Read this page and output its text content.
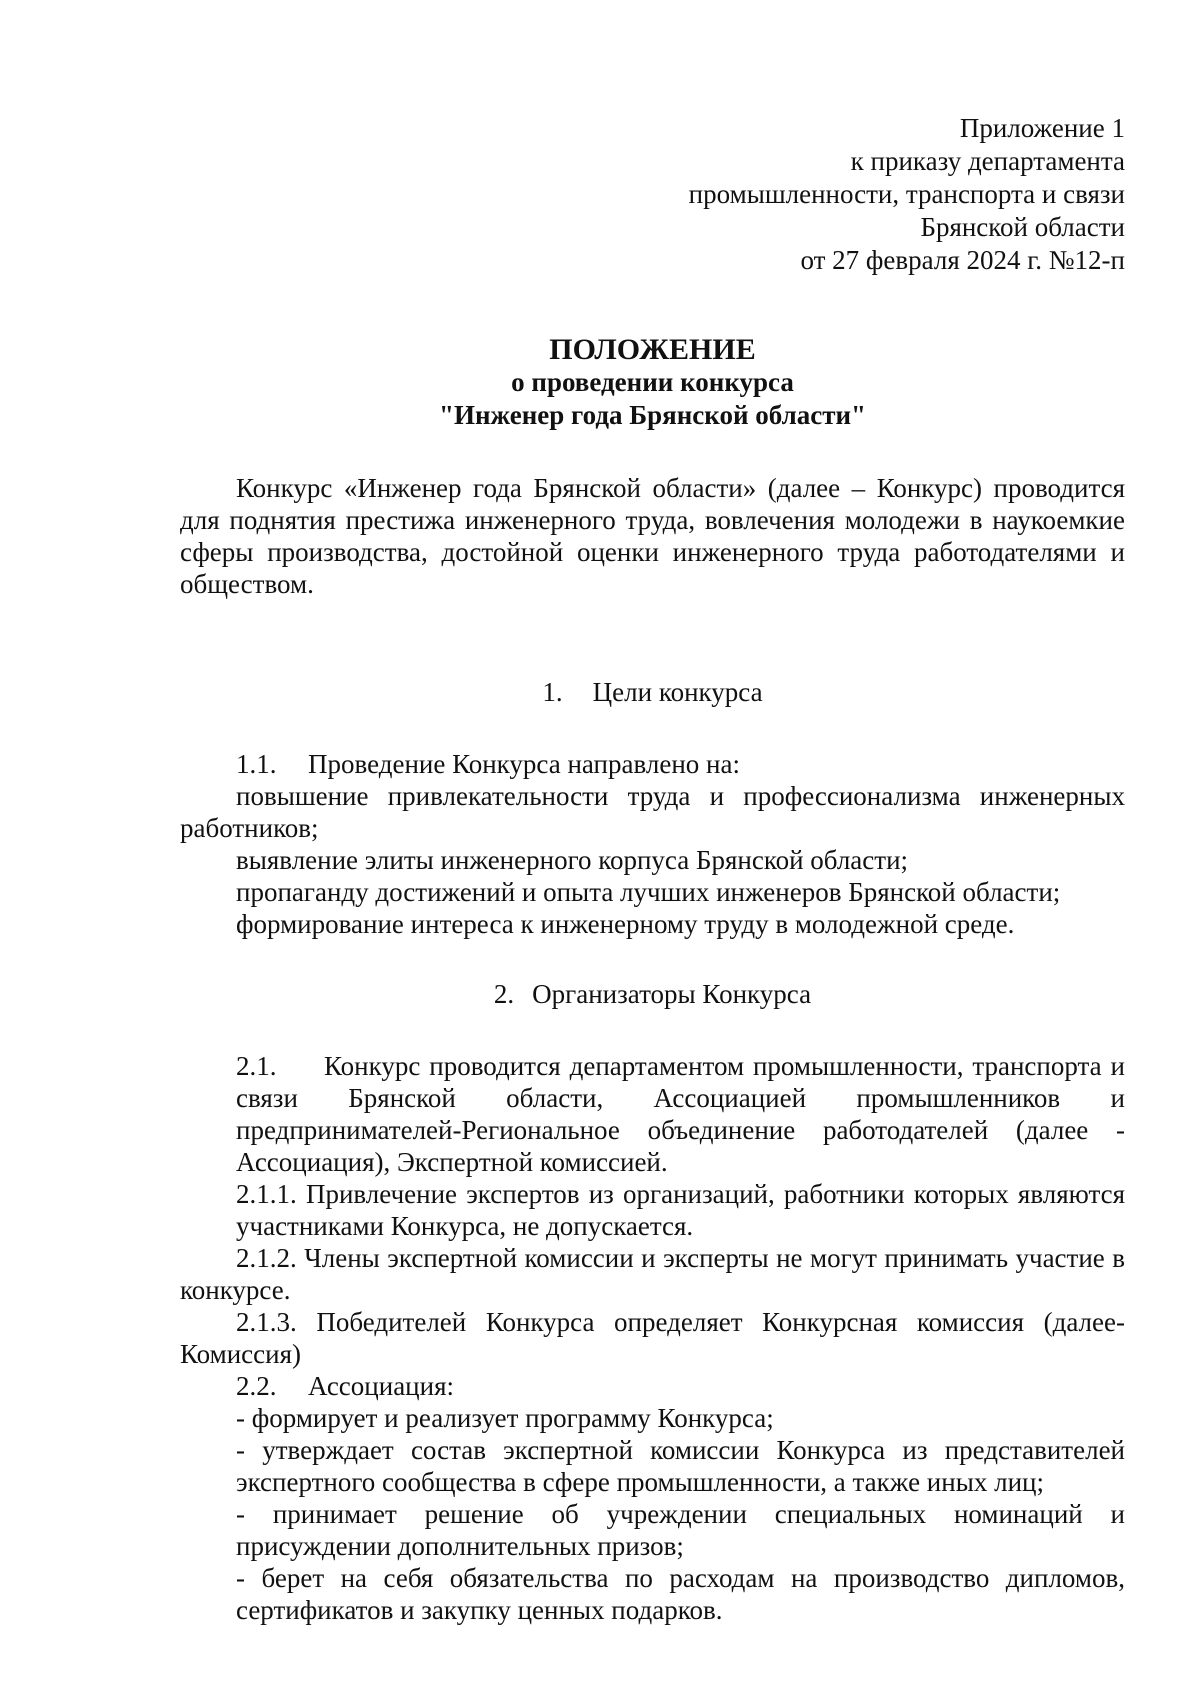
Приложение 1
к приказу департамента
промышленности, транспорта и связи
Брянской области
от 27 февраля 2024 г. №12-п
ПОЛОЖЕНИЕ
о проведении конкурса
"Инженер года Брянской области"

Конкурс «Инженер года Брянской области» (далее – Конкурс) проводится для поднятия престижа инженерного труда, вовлечения молодежи в наукоемкие сферы производства, достойной оценки инженерного труда работодателями и обществом.

1. Цели конкурса

1.1. Проведение Конкурса направлено на:

повышение привлекательности труда и профессионализма инженерных работников;

выявление элиты инженерного корпуса Брянской области;

пропаганду достижений и опыта лучших инженеров Брянской области;

формирование интереса к инженерному труду в молодежной среде.

2. Организаторы Конкурса

2.1. Конкурс проводится департаментом промышленности, транспорта и связи Брянской области, Ассоциацией промышленников и предпринимателей-Региональное объединение работодателей (далее - Ассоциация), Экспертной комиссией.

2.1.1. Привлечение экспертов из организаций, работники которых являются участниками Конкурса, не допускается.

2.1.2. Члены экспертной комиссии и эксперты не могут принимать участие в конкурсе.

2.1.3. Победителей Конкурса определяет Конкурсная комиссия (далее-Комиссия)

2.2. Ассоциация:

- формирует и реализует программу Конкурса;

- утверждает состав экспертной комиссии Конкурса из представителей экспертного сообщества в сфере промышленности, а также иных лиц;

- принимает решение об учреждении специальных номинаций и присуждении дополнительных призов;

- берет на себя обязательства по расходам на производство дипломов, сертификатов и закупку ценных подарков.
